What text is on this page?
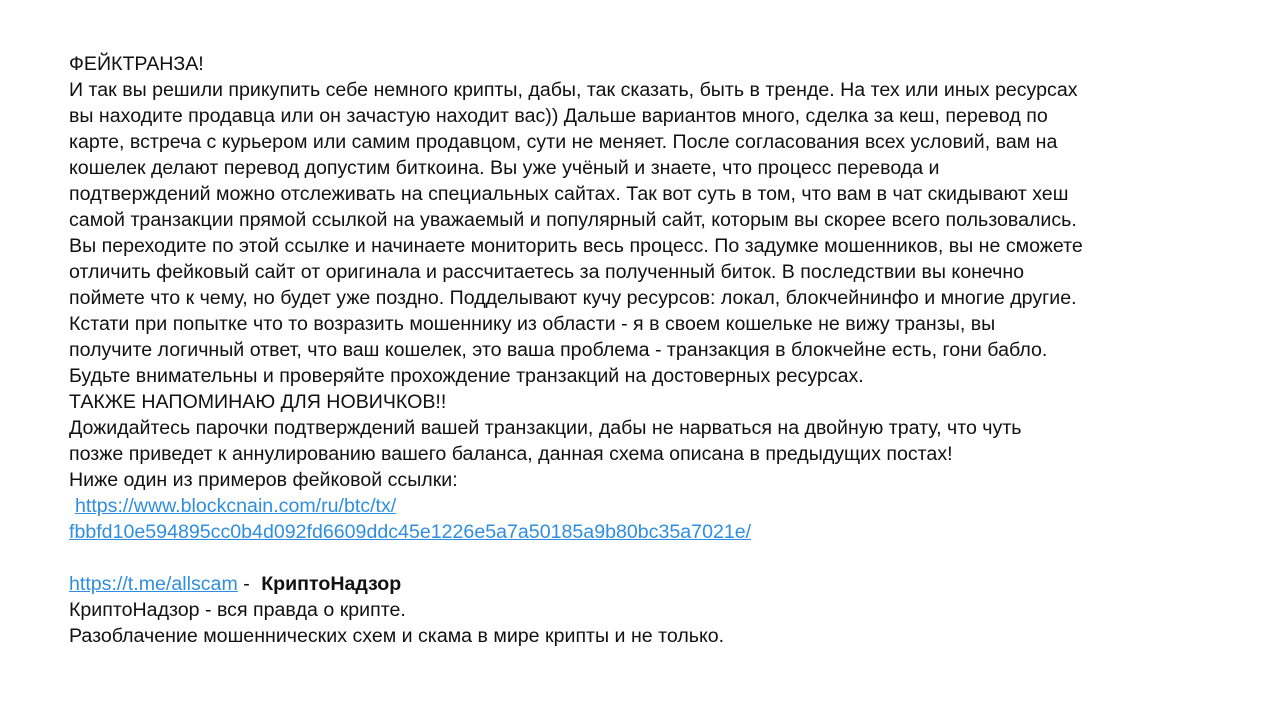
ФЕЙКТРАНЗА!
И так вы решили прикупить себе немного крипты, дабы, так сказать, быть в тренде. На тех или иных ресурсах
вы находите продавца или он зачастую находит вас)) Дальше вариантов много, сделка за кеш, перевод по
карте, встреча с курьером или самим продавцом, сути не меняет. После согласования всех условий, вам на
кошелек делают перевод допустим биткоина. Вы уже учёный и знаете, что процесс перевода и
подтверждений можно отслеживать на специальных сайтах. Так вот суть в том, что вам в чат скидывают хеш
самой транзакции прямой ссылкой на уважаемый и популярный сайт, которым вы скорее всего пользовались.
Вы переходите по этой ссылке и начинаете мониторить весь процесс. По задумке мошенников, вы не сможете
отличить фейковый сайт от оригинала и рассчитаетесь за полученный биток. В последствии вы конечно
поймете что к чему, но будет уже поздно. Подделывают кучу ресурсов: локал, блокчейнинфо и многие другие.
Кстати при попытке что то возразить мошеннику из области - я в своем кошельке не вижу транзы, вы
получите логичный ответ, что ваш кошелек, это ваша проблема - транзакция в блокчейне есть, гони бабло.
Будьте внимательны и проверяйте прохождение транзакций на достоверных ресурсах.
ТАКЖЕ НАПОМИНАЮ ДЛЯ НОВИЧКОВ!!
Дожидайтесь парочки подтверждений вашей транзакции, дабы не нарваться на двойную трату, что чуть
позже приведет к аннулированию вашего баланса, данная схема описана в предыдущих постах!
Ниже один из примеров фейковой ссылки:
https://www.blockcnain.com/ru/btc/tx/
fbbfd10e594895cc0b4d092fd6609ddc45e1226e5a7a50185a9b80bc35a7021e/
https://t.me/allscam - КриптоНадзор
КриптоНадзор - вся правда о крипте.
Разоблачение мошеннических схем и скама в мире крипты и не только.
